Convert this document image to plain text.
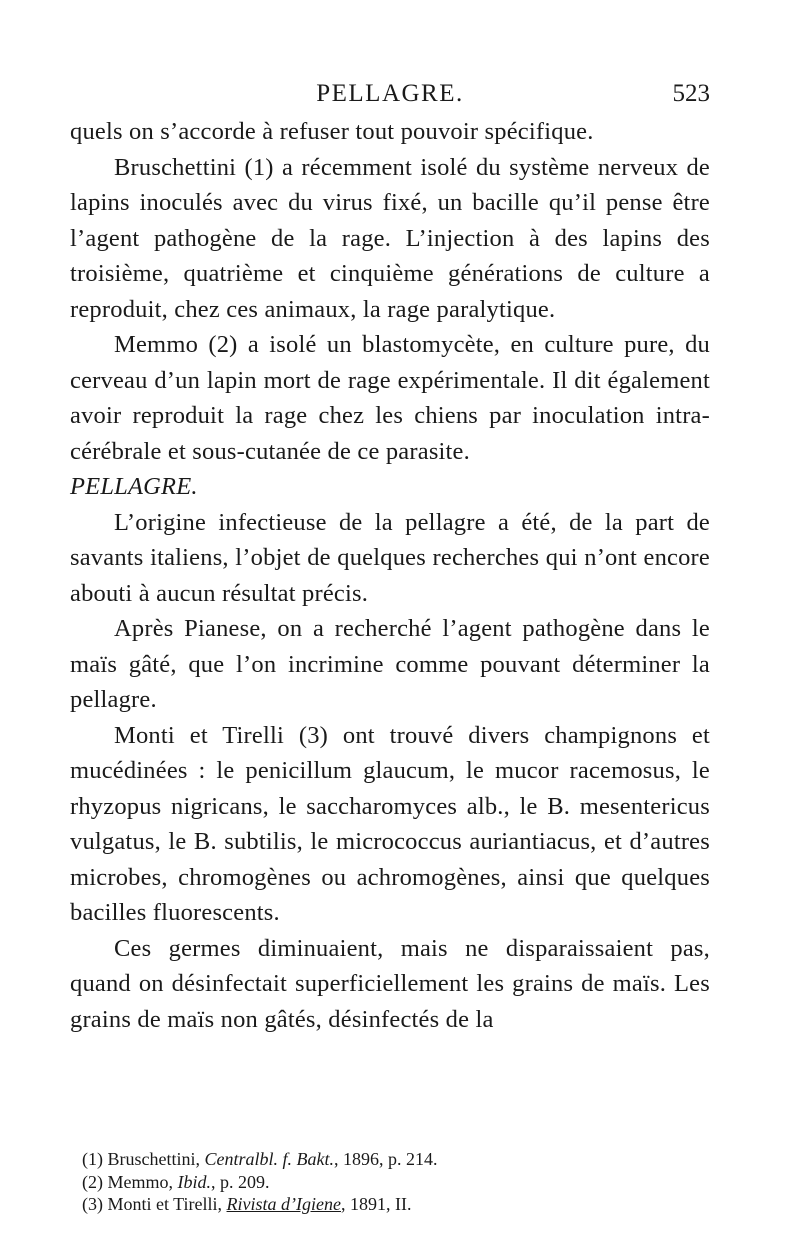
PELLAGRE.	523

quels on s’accorde à refuser tout pouvoir spécifique.

Bruschettini (1) a récemment isolé du système nerveux de lapins inoculés avec du virus fixé, un bacille qu’il pense être l’agent pathogène de la rage. L’injection à des lapins des troisième, quatrième et cinquième générations de culture a reproduit, chez ces animaux, la rage paralytique.

Memmo (2) a isolé un blastomycète, en culture pure, du cerveau d’un lapin mort de rage expérimentale. Il dit également avoir reproduit la rage chez les chiens par inoculation intra-cérébrale et sous-cutanée de ce parasite.

PELLAGRE.

L’origine infectieuse de la pellagre a été, de la part de savants italiens, l’objet de quelques recherches qui n’ont encore abouti à aucun résultat précis.

Après Pianese, on a recherché l’agent pathogène dans le maïs gâté, que l’on incrimine comme pouvant déterminer la pellagre.

Monti et Tirelli (3) ont trouvé divers champignons et mucédinées : le penicillum glaucum, le mucor racemosus, le rhyzopus nigricans, le saccharomyces alb., le B. mesentericus vulgatus, le B. subtilis, le micrococcus auriantiacus, et d’autres microbes, chromogènes ou achromogènes, ainsi que quelques bacilles fluorescents.

Ces germes diminuaient, mais ne disparaissaient pas, quand on désinfectait superficiellement les grains de maïs. Les grains de maïs non gâtés, désinfectés de la

(1) Bruschettini, Centralbl. f. Bakt., 1896, p. 214.
(2) Memmo, Ibid., p. 209.
(3) Monti et Tirelli, Rivista d’Igiene, 1891, II.
